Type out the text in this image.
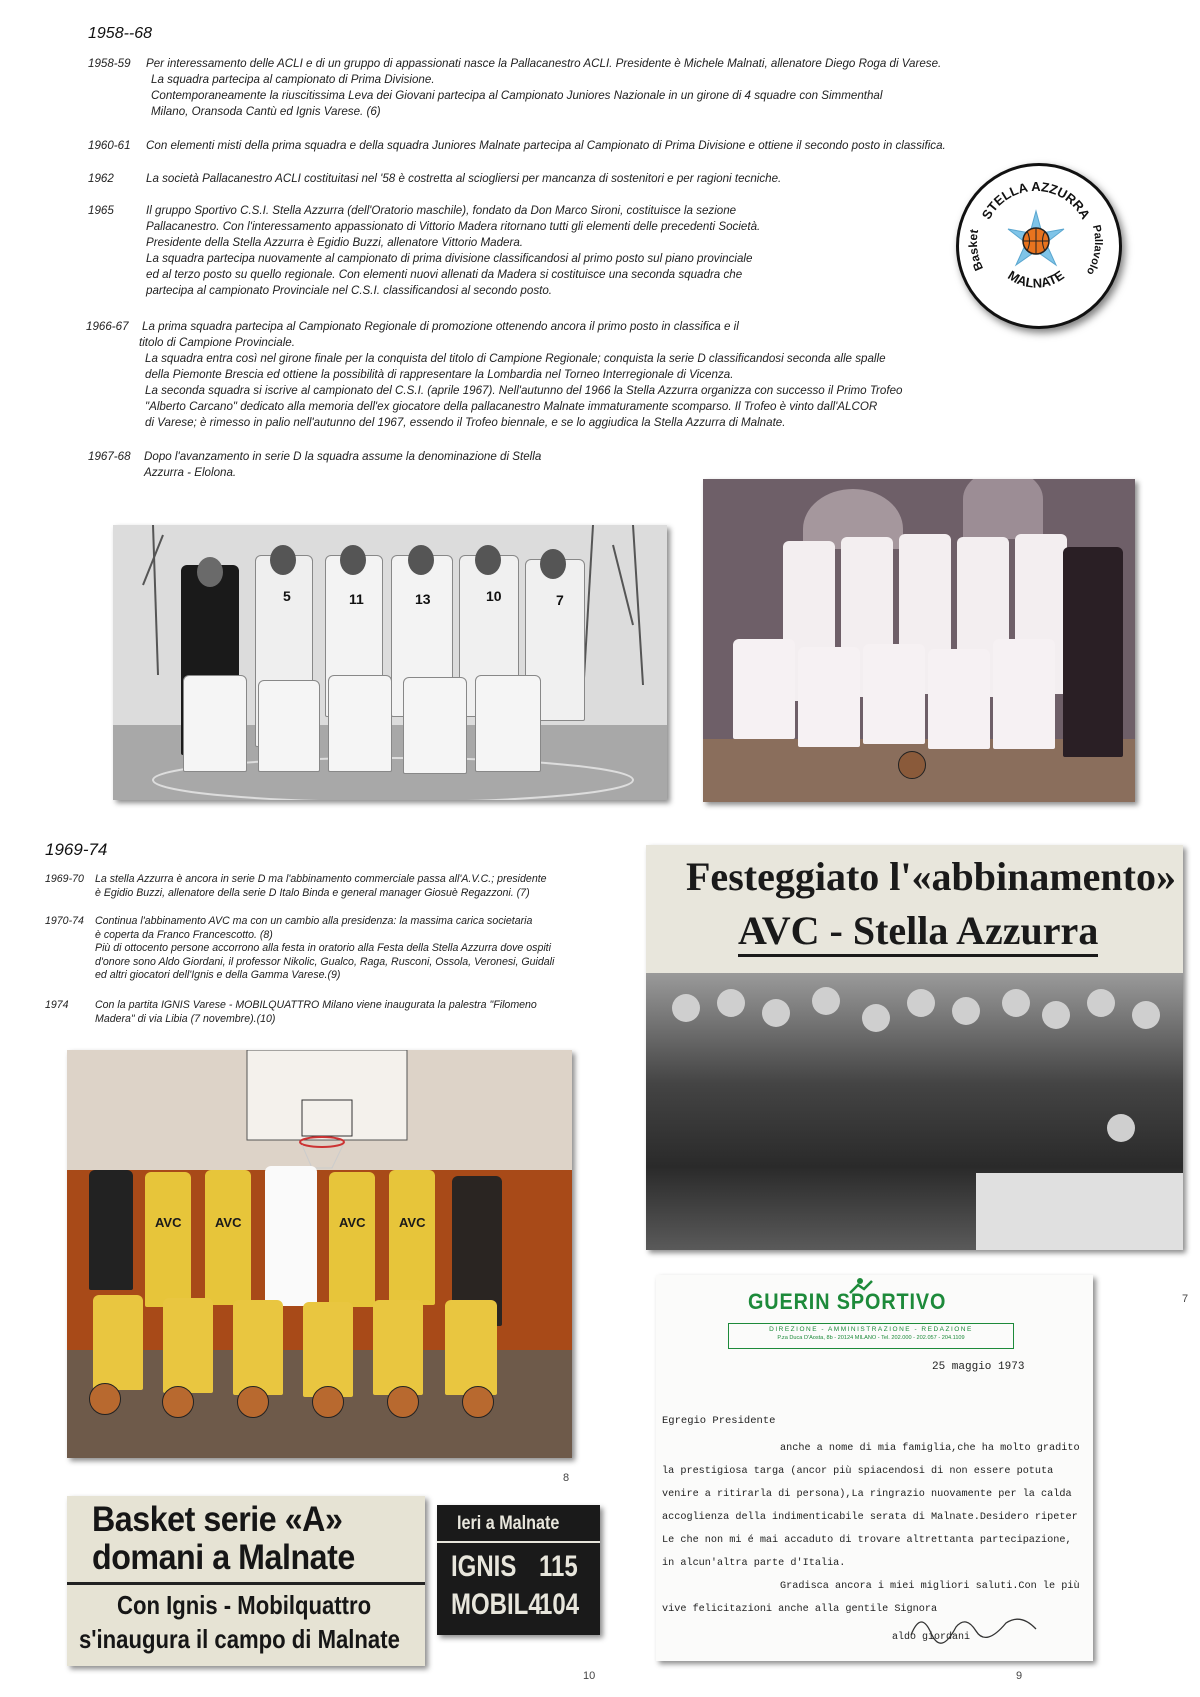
1958--68
1958-59 Per interessamento delle ACLI e di un gruppo di appassionati nasce la Pallacanestro ACLI. Presidente è Michele Malnati, allenatore Diego Roga di Varese.

La squadra partecipa al campionato di Prima Divisione.

Contemporaneamente la riuscitissima Leva dei Giovani partecipa al Campionato Juniores Nazionale in un girone di 4 squadre con Simmenthal

Milano, Oransoda Cantù ed Ignis Varese. (6)

1960-61 Con elementi misti della prima squadra e della squadra Juniores Malnate partecipa al Campionato di Prima Divisione e ottiene il secondo posto in classifica.

1962	La società Pallacanestro ACLI costituitasi nel '58 è costretta al sciogliersi per mancanza di sostenitori e per ragioni tecniche.

1965	Il gruppo Sportivo C.S.I. Stella Azzurra (dell'Oratorio maschile), fondato da Don Marco Sironi, costituisce la sezione

Pallacanestro. Con l'interessamento appassionato di Vittorio Madera ritornano tutti gli elementi delle precedenti Società.

Presidente della Stella Azzurra è Egidio Buzzi, allenatore Vittorio Madera.

La squadra partecipa nuovamente al campionato di prima divisione classificandosi al primo posto sul piano provinciale

ed al terzo posto su quello regionale. Con elementi nuovi allenati da Madera si costituisce una seconda squadra che

partecipa al campionato Provinciale nel C.S.I. classificandosi al secondo posto.

STELLA AZZURRA
Basket	Pallavolo
MALNATE
1966-67 La prima squadra partecipa al Campionato Regionale di promozione ottenendo ancora il primo posto in classifica e il

titolo di Campione Provinciale.

La squadra entra così nel girone finale per la conquista del titolo di Campione Regionale; conquista la serie D classificandosi seconda alle spalle

della Piemonte Brescia ed ottiene la possibilità di rappresentare la Lombardia nel Torneo Interregionale di Vicenza.

La seconda squadra si iscrive al campionato del C.S.I. (aprile 1967). Nell'autunno del 1966 la Stella Azzurra organizza con successo il Primo Trofeo

"Alberto Carcano" dedicato alla memoria dell'ex giocatore della pallacanestro Malnate immaturamente scomparso. Il Trofeo è vinto dall'ALCOR

di Varese; è rimesso in palio nell'autunno del 1967, essendo il Trofeo biennale, e se lo aggiudica la Stella Azzurra di Malnate.

1967-68 Dopo l'avanzamento in serie D la squadra assume la denominazione di Stella

Azzurra - Elolona.

5	11	13	10	7
1969-74
1969-70 La stella Azzurra è ancora in serie D ma l'abbinamento commerciale passa all'A.V.C.; presidente

è Egidio Buzzi, allenatore della serie D Italo Binda e general manager Giosuè Regazzoni. (7)

1970-74 Continua l'abbinamento AVC ma con un cambio alla presidenza: la massima carica societaria

è coperta da Franco Francescotto. (8)

Più di ottocento persone accorrono alla festa in oratorio alla Festa della Stella Azzurra dove ospiti

d'onore sono Aldo Giordani, il professor Nikolic, Gualco, Raga, Rusconi, Ossola, Veronesi, Guidali

ed altri giocatori dell'Ignis e della Gamma Varese.(9)

1974 Con la partita IGNIS Varese - MOBILQUATTRO Milano viene inaugurata la palestra "Filomeno

Madera" di via Libia (7 novembre).(10)

Festeggiato l'«abbinamento»
AVC - Stella Azzurra
AVC	AVC	AVC	AVC
8
Basket serie «A»
domani a Malnate
Con Ignis - Mobilquattro
s'inaugura il campo di Malnate
Ieri a Malnate
IGNIS 115
MOBIL4
104
10
GUERIN SPORTIVO
DIREZIONE - AMMINISTRAZIONE - REDAZIONE
P.za Duca D'Aosta, 8b - 20124 MILANO - Tel. 202.000 - 202.057 - 204.1109
25 maggio 1973
Egregio Presidente
anche a nome di mia famiglia,che ha molto gradito
la prestigiosa targa (ancor più spiacendosi di non essere potuta
venire a ritirarla di persona),La ringrazio nuovamente per la calda
accoglienza della indimenticabile serata di Malnate.Desidero ripeter
Le che non mi é mai accaduto di trovare altrettanta partecipazione,
in alcun'altra parte d'Italia.
Gradisca ancora i miei migliori saluti.Con le più
vive felicitazioni anche alla gentile Signora
aldo giordani
7
9
